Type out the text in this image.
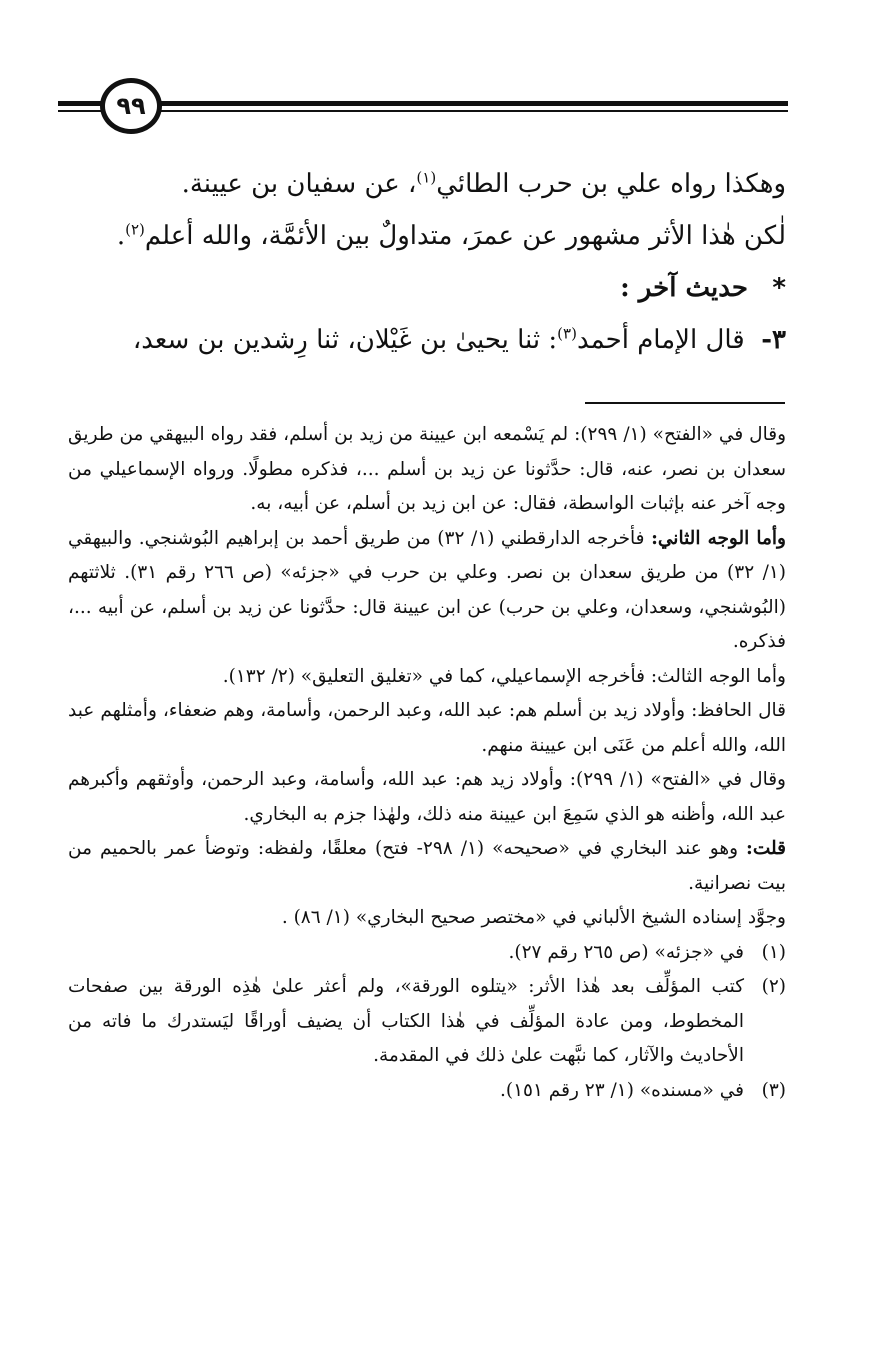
٩٩

وهكذا رواه علي بن حرب الطائي$^{(١)}$، عن سفيان بن عيينة.

لٰكن هٰذا الأثر مشهور عن عمرَ، متداولٌ بين الأئمَّة، والله أعلم$^{(٢)}$.

*حديث آخر :

٣-  قال الإمام أحمد$^{(٣)}$: ثنا يحيىٰ بن غَيْلان، ثنا رِشدين بن سعد،

وقال في «الفتح» (١/ ٢٩٩): لم يَسْمعه ابن عيينة من زيد بن أسلم، فقد رواه البيهقي من طريق سعدان بن نصر، عنه، قال: حدَّثونا عن زيد بن أسلم ...، فذكره مطولًا. ورواه الإسماعيلي من وجه آخر عنه بإثبات الواسطة، فقال: عن ابن زيد بن أسلم، عن أبيه، به.

وأما الوجه الثاني: فأخرجه الدارقطني (١/ ٣٢) من طريق أحمد بن إبراهيم البُوشنجي. والبيهقي (١/ ٣٢) من طريق سعدان بن نصر. وعلي بن حرب في «جزئه» (ص ٢٦٦ رقم ٣١). ثلاثتهم (البُوشنجي، وسعدان، وعلي بن حرب) عن ابن عيينة قال: حدَّثونا عن زيد بن أسلم، عن أبيه ...، فذكره.

وأما الوجه الثالث: فأخرجه الإسماعيلي، كما في «تغليق التعليق» (٢/ ١٣٢).

قال الحافظ: وأولاد زيد بن أسلم هم: عبد الله، وعبد الرحمن، وأسامة، وهم ضعفاء، وأمثلهم عبد الله، والله أعلم من عَنَى ابن عيينة منهم.

وقال في «الفتح» (١/ ٢٩٩): وأولاد زيد هم: عبد الله، وأسامة، وعبد الرحمن، وأوثقهم وأكبرهم عبد الله، وأظنه هو الذي سَمِعَ ابن عيينة منه ذلك، ولهٰذا جزم به البخاري.

قلت: وهو عند البخاري في «صحيحه» (١/ ٢٩٨- فتح) معلقًا، ولفظه: وتوضأ عمر بالحميم من بيت نصرانية.

وجوَّد إسناده الشيخ الألباني في «مختصر صحيح البخاري» (١/ ٨٦) .

(١)
في «جزئه» (ص ٢٦٥ رقم ٢٧).
(٢)
كتب المؤلِّف بعد هٰذا الأثر: «يتلوه الورقة»، ولم أعثر علىٰ هٰذِه الورقة بين صفحات المخطوط، ومن عادة المؤلِّف في هٰذا الكتاب أن يضيف أوراقًا ليَستدرك ما فاته من الأحاديث والآثار، كما نبَّهت علىٰ ذلك في المقدمة.
(٣)
في «مسنده» (١/ ٢٣ رقم ١٥١).
